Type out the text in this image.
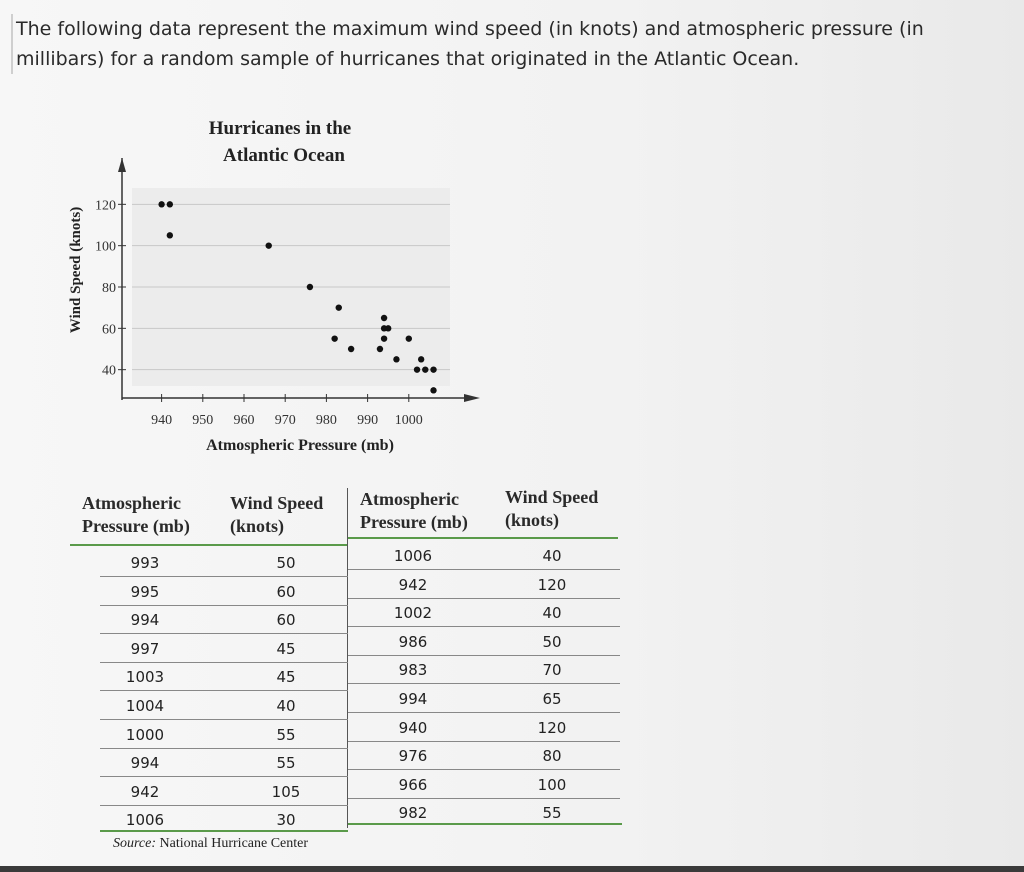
The following data represent the maximum wind speed (in knots) and atmospheric pressure (in millibars) for a random sample of hurricanes that originated in the Atlantic Ocean.
40
60
80
100
120
940 950 960 970 980 990 1000
Hurricanes in the
Atlantic Ocean
Atmospheric Pressure (mb)
Wind Speed (knots)
Atmospheric
Pressure (mb)
Wind Speed
(knots)
Atmospheric
Pressure (mb)
Wind Speed
(knots)
993	50
995	60
994	60
997	45
1003	45
1004	40
1000	55
994	55
942	105
1006	30
1006	40
942	120
1002	40
986	50
983	70
994	65
940	120
976	80
966	100
982	55
Source: National Hurricane Center
